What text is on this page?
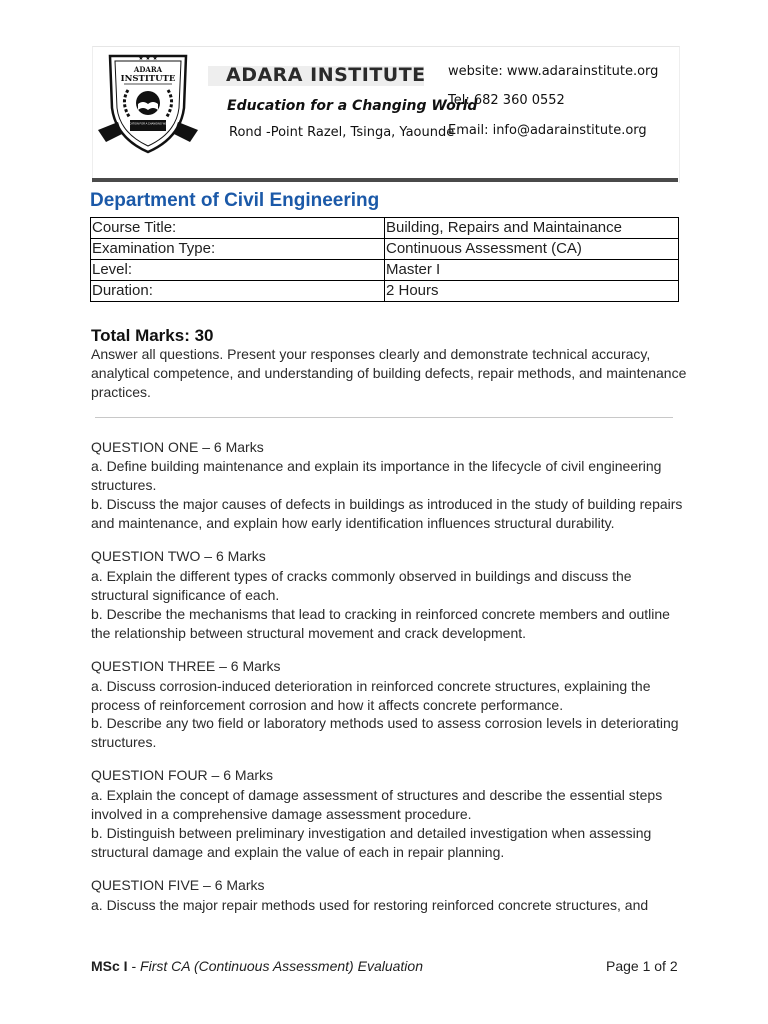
★ ★ ★
ADARA
INSTITUTE
EDUCATION FOR A CHANGING WORLD
ADARA INSTITUTE
Education for a Changing World
Rond -Point Razel, Tsinga, Yaounde
website: www.adarainstitute.org
Tel: 682 360 0552
Email: info@adarainstitute.org
Department of Civil Engineering
Course Title:	Building, Repairs and Maintainance
Examination Type:	Continuous Assessment (CA)
Level:	Master I
Duration:	2 Hours
Total Marks: 30
Answer all questions. Present your responses clearly and demonstrate technical accuracy, analytical competence, and understanding of building defects, repair methods, and maintenance practices.
QUESTION ONE – 6 Marks
a. Define building maintenance and explain its importance in the lifecycle of civil engineering structures.
b. Discuss the major causes of defects in buildings as introduced in the study of building repairs and maintenance, and explain how early identification influences structural durability.
QUESTION TWO – 6 Marks
a. Explain the different types of cracks commonly observed in buildings and discuss the structural significance of each.
b. Describe the mechanisms that lead to cracking in reinforced concrete members and outline the relationship between structural movement and crack development.
QUESTION THREE – 6 Marks
a. Discuss corrosion-induced deterioration in reinforced concrete structures, explaining the process of reinforcement corrosion and how it affects concrete performance.
b. Describe any two field or laboratory methods used to assess corrosion levels in deteriorating structures.
QUESTION FOUR – 6 Marks
a. Explain the concept of damage assessment of structures and describe the essential steps involved in a comprehensive damage assessment procedure.
b. Distinguish between preliminary investigation and detailed investigation when assessing structural damage and explain the value of each in repair planning.
QUESTION FIVE – 6 Marks
a. Discuss the major repair methods used for restoring reinforced concrete structures, and
MSc I - First CA (Continuous Assessment) Evaluation	Page 1 of 2
